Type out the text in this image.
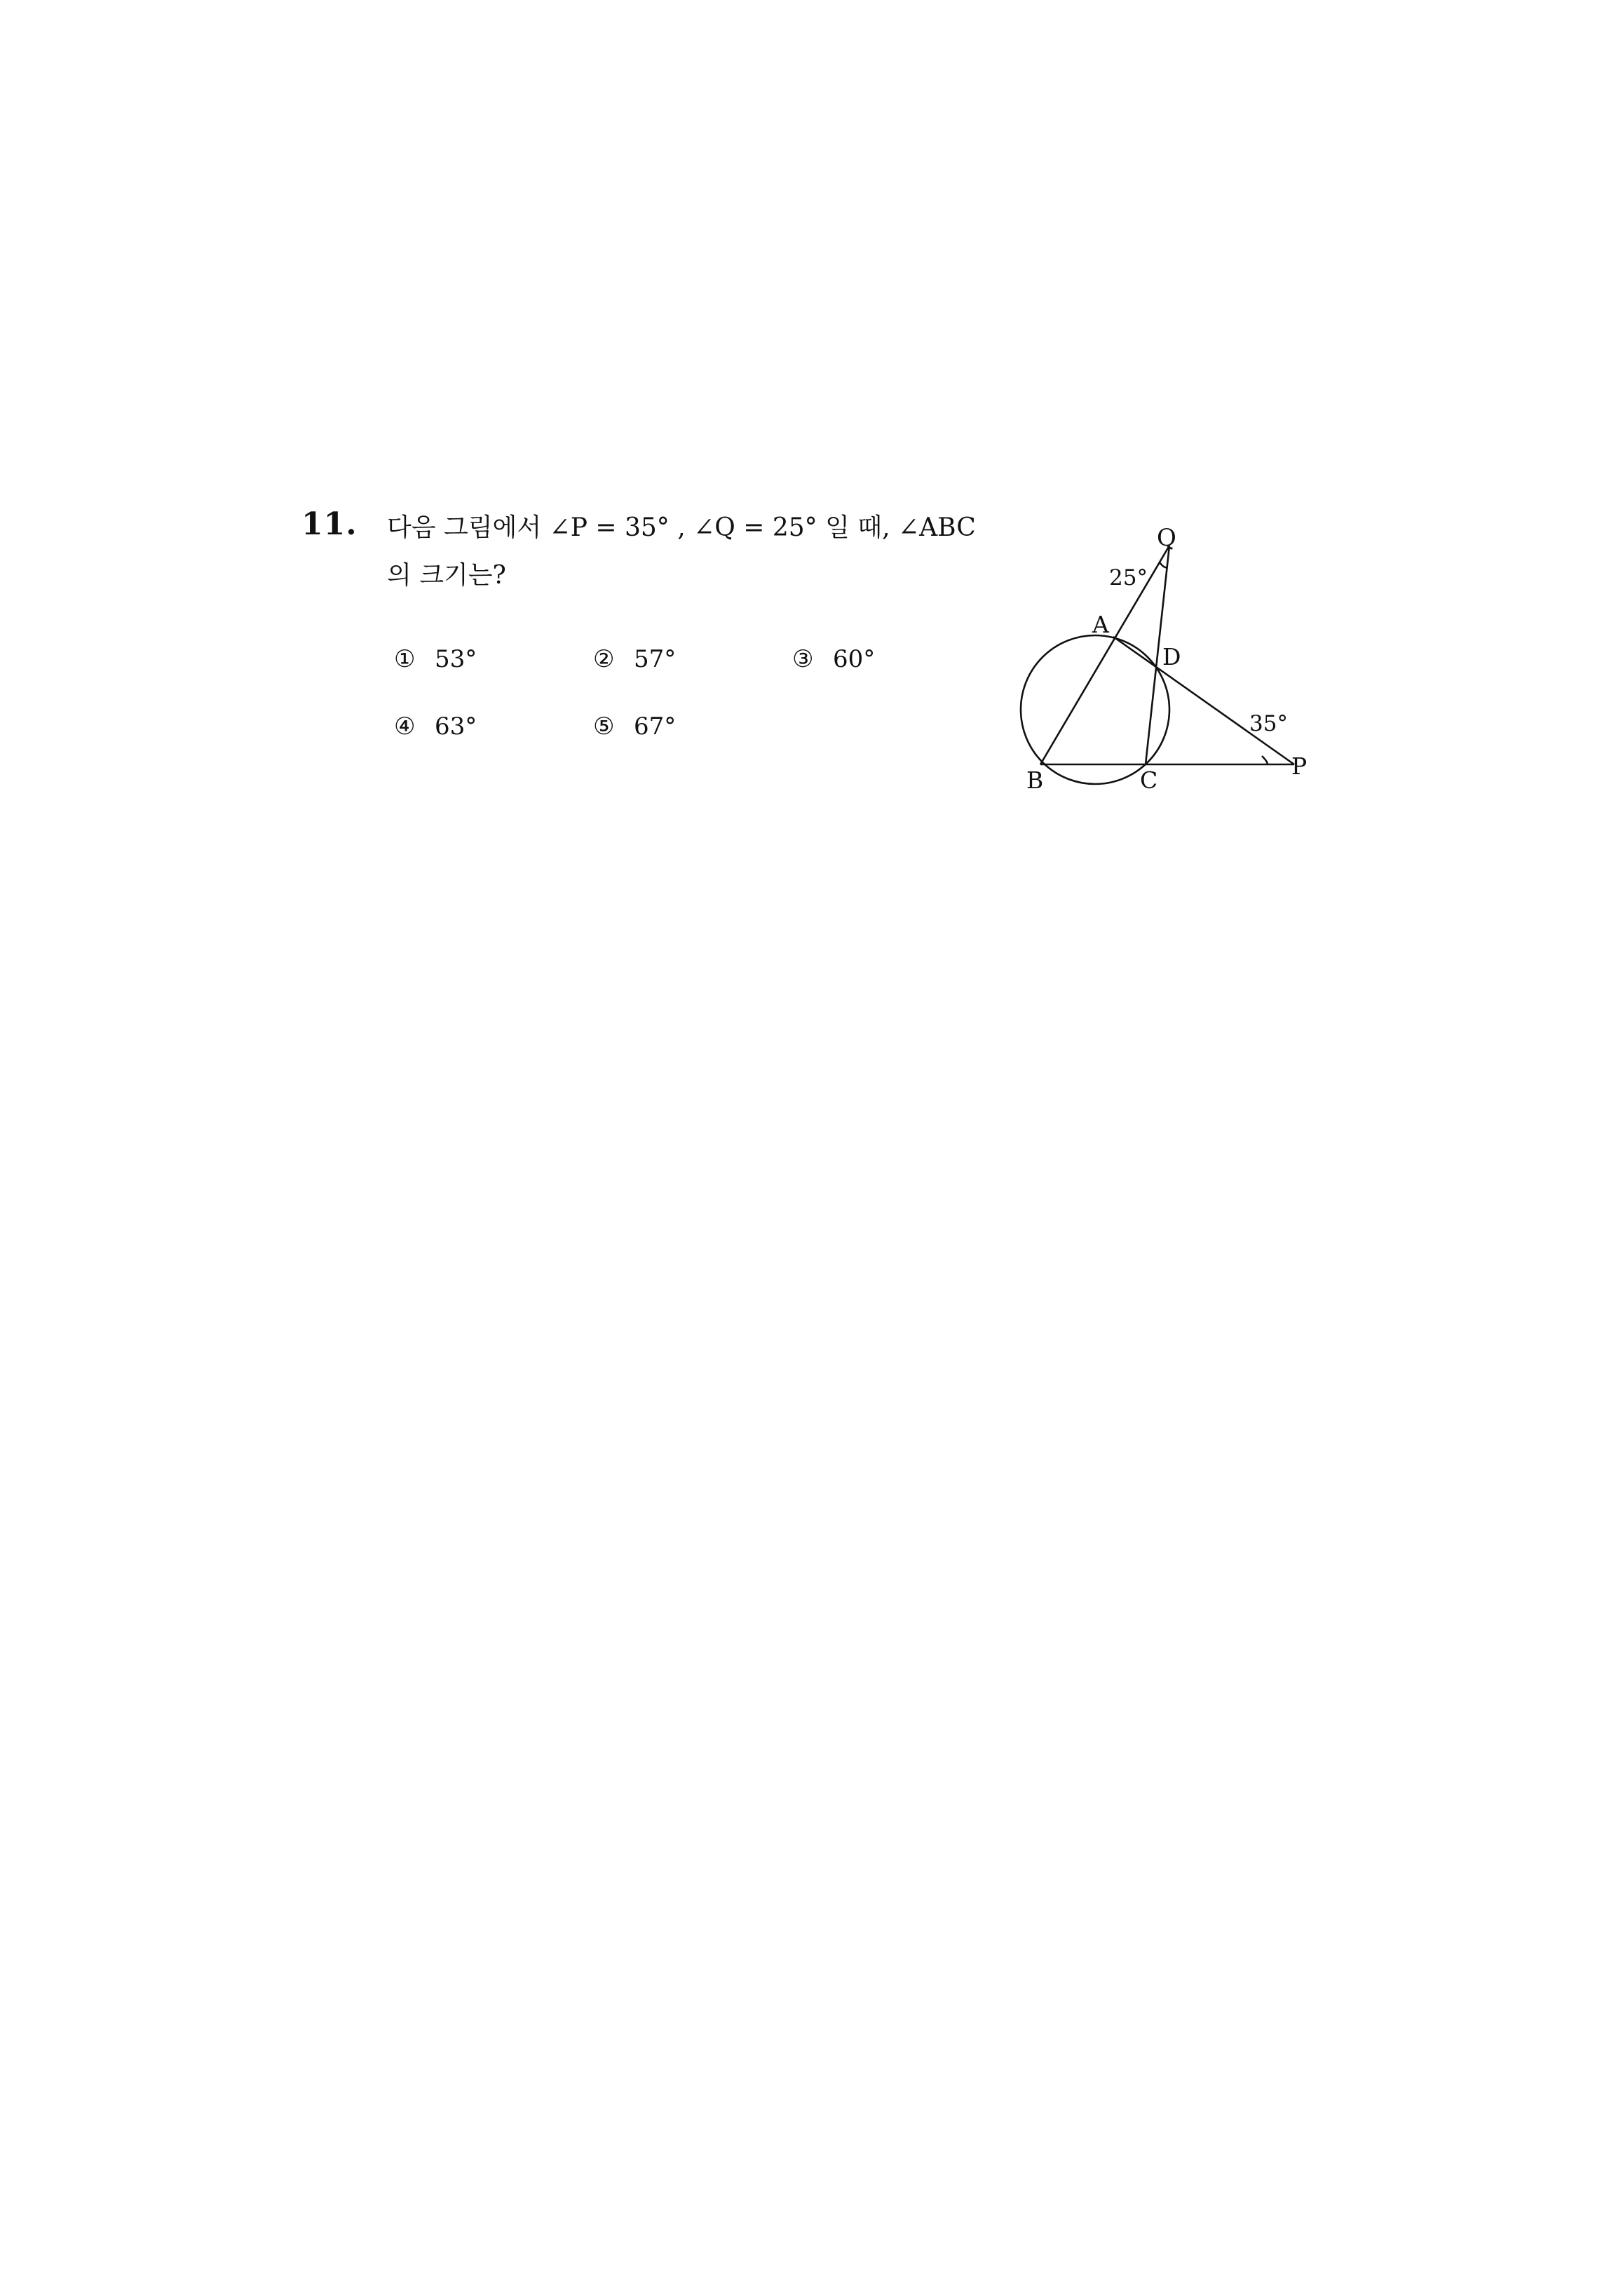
11. 다음 그림에서 ∠P = 35° , ∠Q = 25° 일 때, ∠ABC
의 크기는?
① 53°	② 57°	③ 60°
④ 63°	⑤ 67°
Q
25°
A
D
35°
B	C
P
